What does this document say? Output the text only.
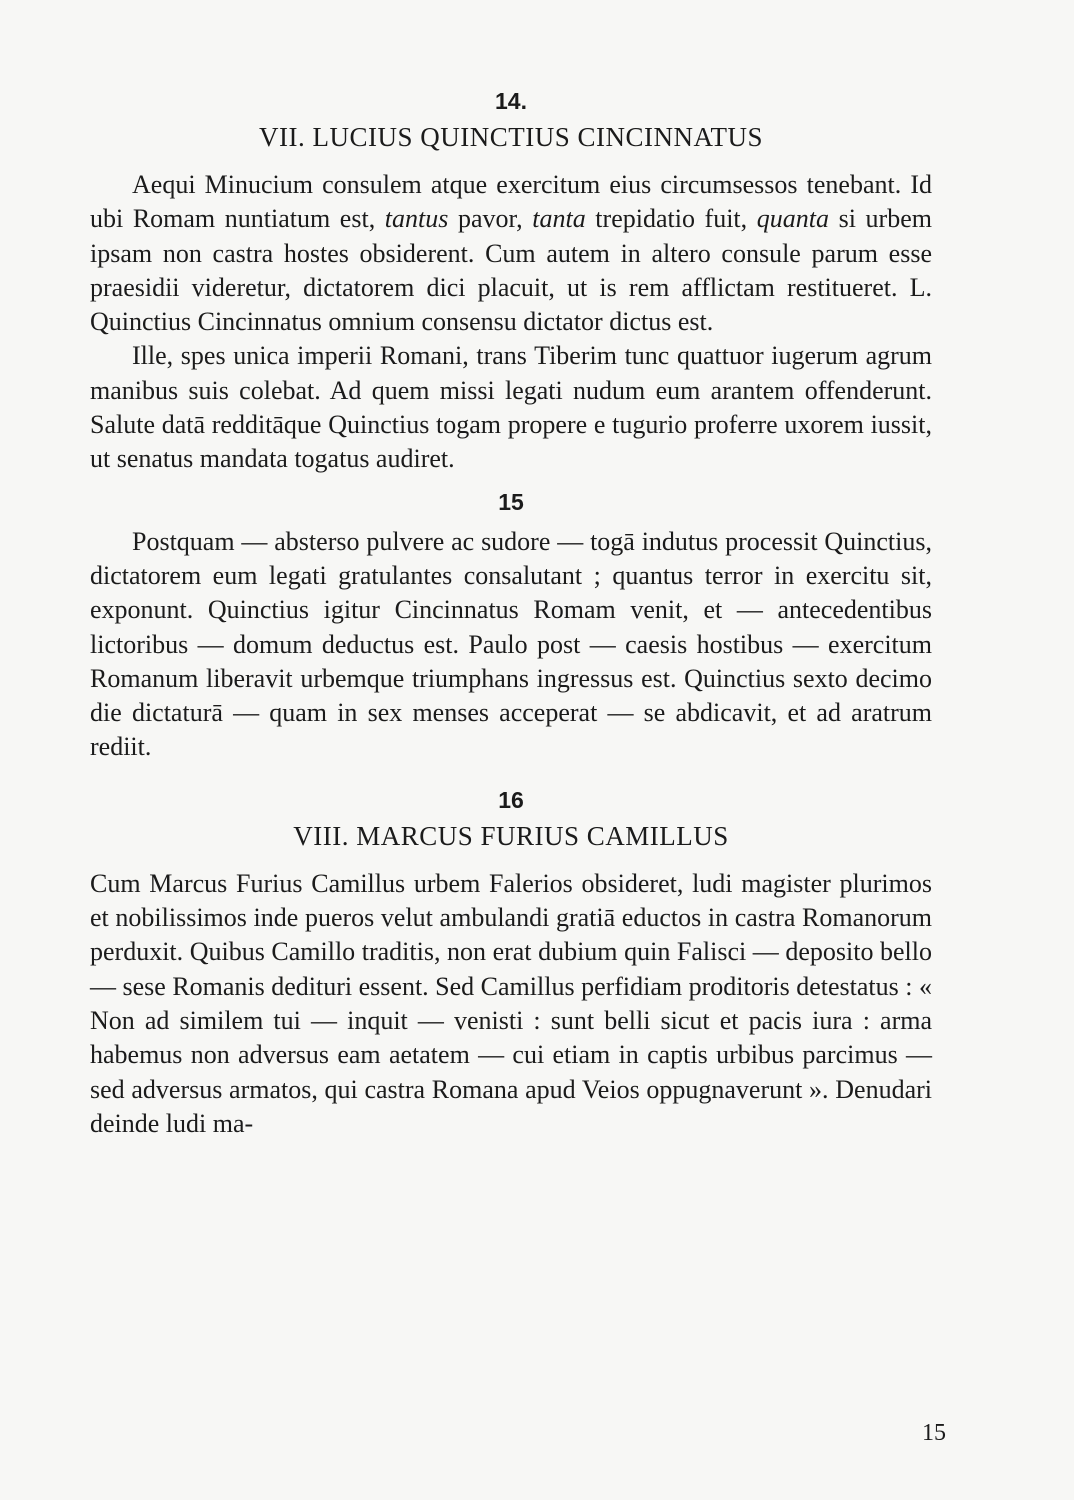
14.
VII. LUCIUS QUINCTIUS CINCINNATUS

Aequi Minucium consulem atque exercitum eius circumsessos tenebant. Id ubi Romam nuntiatum est, tantus pavor, tanta trepidatio fuit, quanta si urbem ipsam non castra hostes obsiderent. Cum autem in altero consule parum esse praesidii videretur, dictatorem dici placuit, ut is rem afflictam restitueret. L. Quinctius Cincinnatus omnium consensu dictator dictus est.

Ille, spes unica imperii Romani, trans Tiberim tunc quattuor iugerum agrum manibus suis colebat. Ad quem missi legati nudum eum arantem offenderunt. Salute datā redditāque Quinctius togam propere e tugurio proferre uxorem iussit, ut senatus mandata togatus audiret.

15

Postquam — absterso pulvere ac sudore — togā indutus processit Quinctius, dictatorem eum legati gratulantes consalutant ; quantus terror in exercitu sit, exponunt. Quinctius igitur Cincinnatus Romam venit, et — antecedentibus lictoribus — domum deductus est. Paulo post — caesis hostibus — exercitum Romanum liberavit urbemque triumphans ingressus est. Quinctius sexto decimo die dictaturā — quam in sex menses acceperat — se abdicavit, et ad aratrum rediit.

16
VIII. MARCUS FURIUS CAMILLUS

Cum Marcus Furius Camillus urbem Falerios obsideret, ludi magister plurimos et nobilissimos inde pueros velut ambulandi gratiā eductos in castra Romanorum perduxit. Quibus Camillo traditis, non erat dubium quin Falisci — deposito bello — sese Romanis dedituri essent. Sed Camillus perfidiam proditoris detestatus : « Non ad similem tui — inquit — venisti : sunt belli sicut et pacis iura : arma habemus non adversus eam aetatem — cui etiam in captis urbibus parcimus — sed adversus armatos, qui castra Romana apud Veios oppugnaverunt ». Denudari deinde ludi ma-

15
